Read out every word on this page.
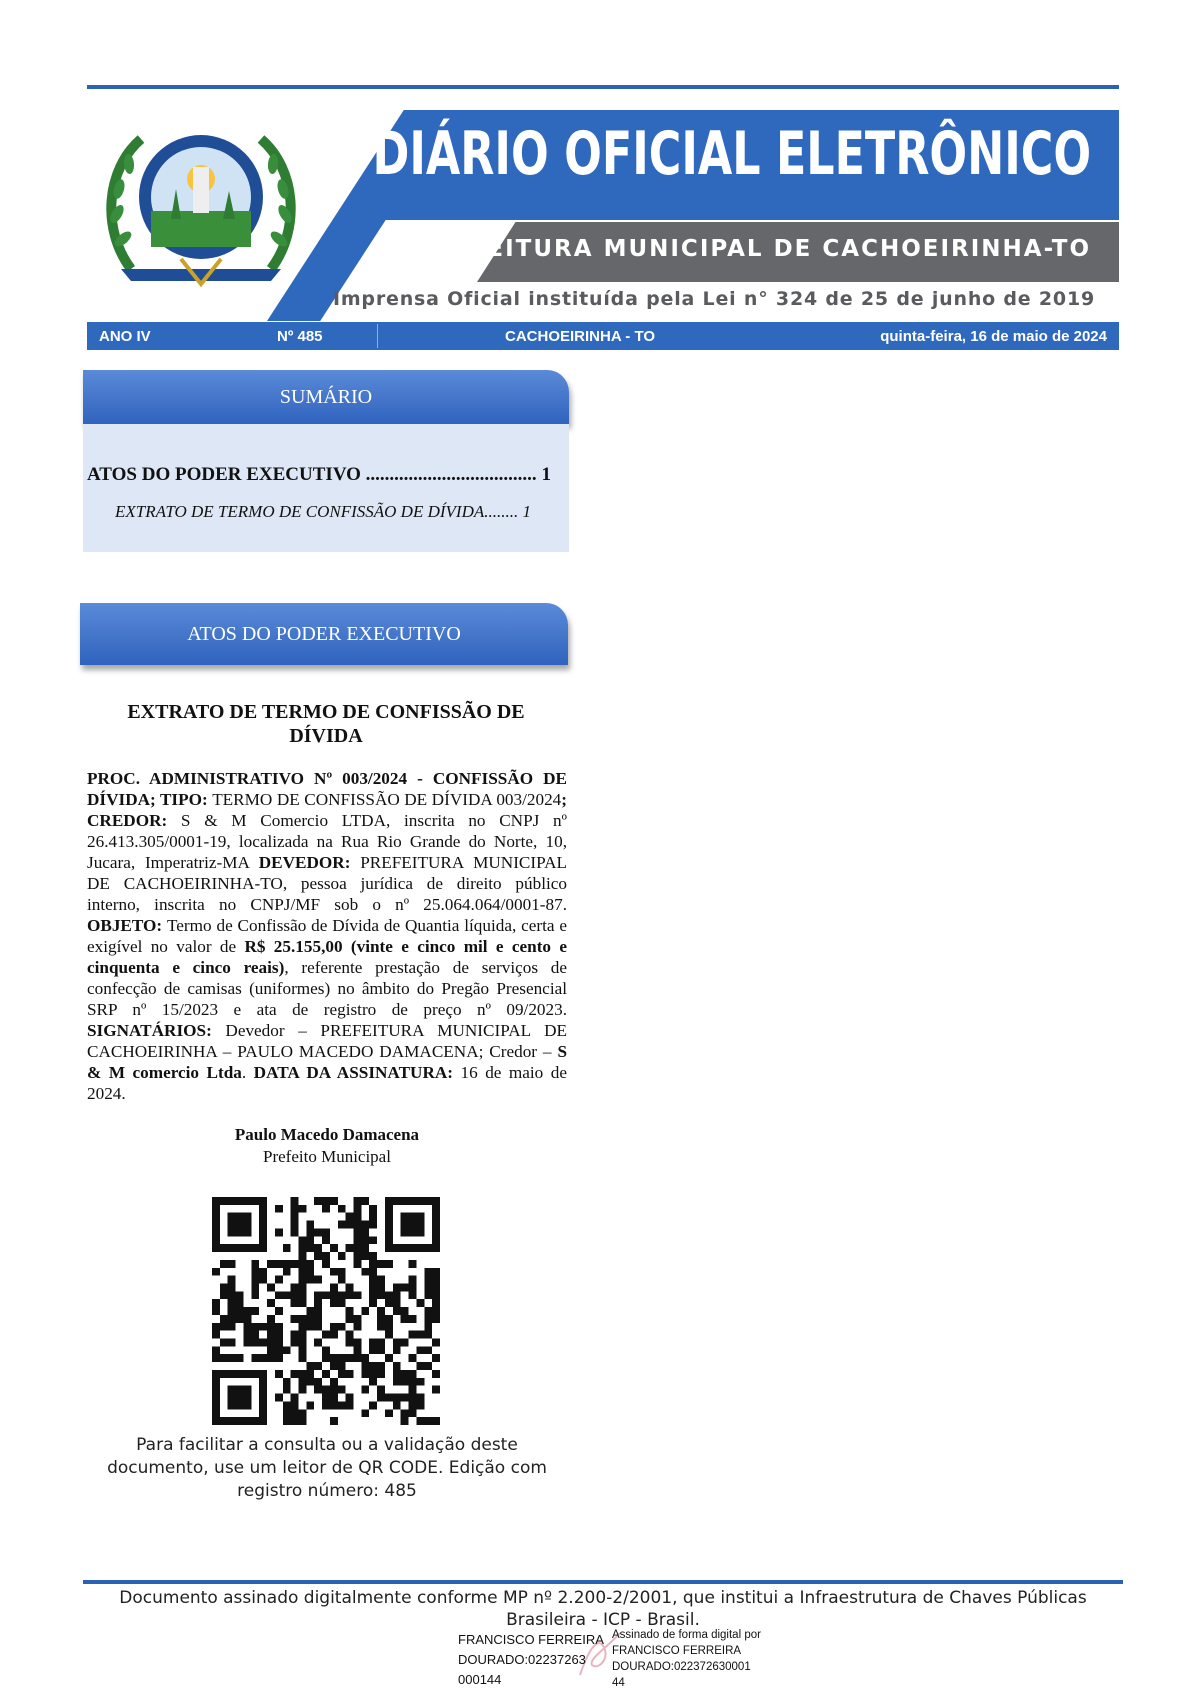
DIÁRIO OFICIAL ELETRÔNICO
PREFEITURA MUNICIPAL DE CACHOEIRINHA-TO
Imprensa Oficial instituída pela Lei n° 324 de 25 de junho de 2019
ANO IV	Nº 485	CACHOEIRINHA - TO	quinta-feira, 16 de maio de 2024
SUMÁRIO
ATOS DO PODER EXECUTIVO .................................... 1
EXTRATO DE TERMO DE CONFISSÃO DE DÍVIDA........ 1
ATOS DO PODER EXECUTIVO
EXTRATO DE TERMO DE CONFISSÃO DE
DÍVIDA
PROC. ADMINISTRATIVO Nº 003/2024 - CONFISSÃO DE DÍVIDA; TIPO: TERMO DE CONFISSÃO DE DÍVIDA 003/2024; CREDOR: S & M Comercio LTDA, inscrita no CNPJ nº 26.413.305/0001-19, localizada na Rua Rio Grande do Norte, 10, Jucara, Imperatriz-MA DEVEDOR: PREFEITURA MUNICIPAL DE CACHOEIRINHA-TO, pessoa jurídica de direito público interno, inscrita no CNPJ/MF sob o nº 25.064.064/0001-87. OBJETO: Termo de Confissão de Dívida de Quantia líquida, certa e exigível no valor de R$ 25.155,00 (vinte e cinco mil e cento e cinquenta e cinco reais), referente prestação de serviços de confecção de camisas (uniformes) no âmbito do Pregão Presencial SRP nº 15/2023 e ata de registro de preço nº 09/2023. SIGNATÁRIOS: Devedor – PREFEITURA MUNICIPAL DE CACHOEIRINHA – PAULO MACEDO DAMACENA; Credor – S & M comercio Ltda. DATA DA ASSINATURA: 16 de maio de 2024.
Paulo Macedo Damacena
Prefeito Municipal
Para facilitar a consulta ou a validação deste documento, use um leitor de QR CODE. Edição com registro número: 485
Documento assinado digitalmente conforme MP nº 2.200-2/2001, que institui a Infraestrutura de Chaves Públicas Brasileira - ICP - Brasil.
FRANCISCO FERREIRA DOURADO:02237263 000144
Assinado de forma digital por FRANCISCO FERREIRA DOURADO:022372630001 44
